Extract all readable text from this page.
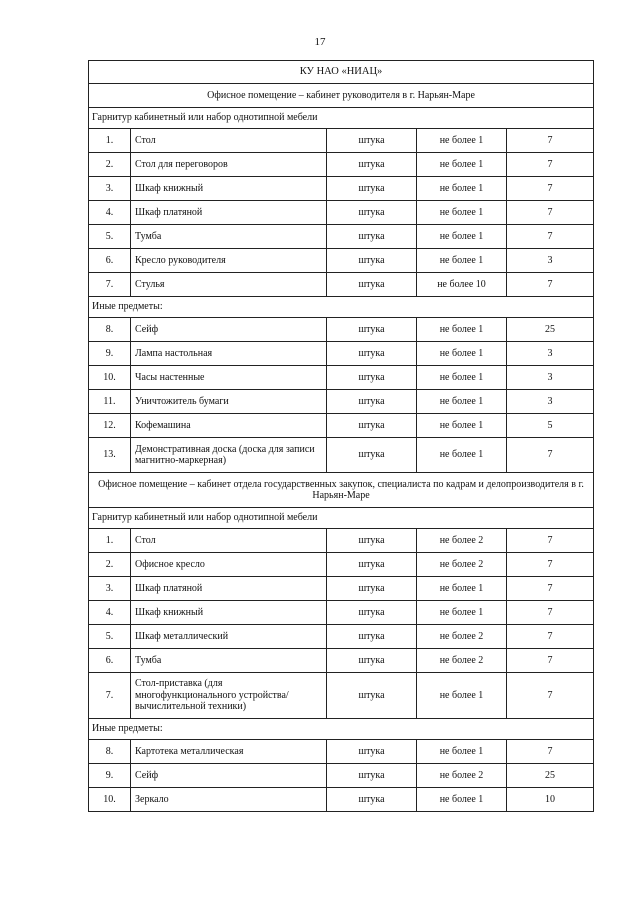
17
КУ НАО «НИАЦ»				
Офисное помещение – кабинет руководителя в г. Нарьян-Маре				
Гарнитур кабинетный или набор однотипной мебели				
1.	Стол	штука	не более 1	7
2.	Стол для переговоров	штука	не более 1	7
3.	Шкаф книжный	штука	не более 1	7
4.	Шкаф платяной	штука	не более 1	7
5.	Тумба	штука	не более 1	7
6.	Кресло руководителя	штука	не более 1	3
7.	Стулья	штука	не более 10	7
Иные предметы:				
8.	Сейф	штука	не более 1	25
9.	Лампа настольная	штука	не более 1	3
10.	Часы настенные	штука	не более 1	3
11.	Уничтожитель бумаги	штука	не более 1	3
12.	Кофемашина	штука	не более 1	5
13.	Демонстративная доска (доска для записи магнитно-маркерная)	штука	не более 1	7
Офисное помещение – кабинет отдела государственных закупок, специалиста по кадрам и делопроизводителя в г. Нарьян-Маре				
Гарнитур кабинетный или набор однотипной мебели				
1.	Стол	штука	не более 2	7
2.	Офисное кресло	штука	не более 2	7
3.	Шкаф платяной	штука	не более 1	7
4.	Шкаф книжный	штука	не более 1	7
5.	Шкаф металлический	штука	не более 2	7
6.	Тумба	штука	не более 2	7
7.	Стол-приставка (для многофункционального устройства/вычислительной техники)	штука	не более 1	7
Иные предметы:				
8.	Картотека металлическая	штука	не более 1	7
9.	Сейф	штука	не более 2	25
10.	Зеркало	штука	не более 1	10
